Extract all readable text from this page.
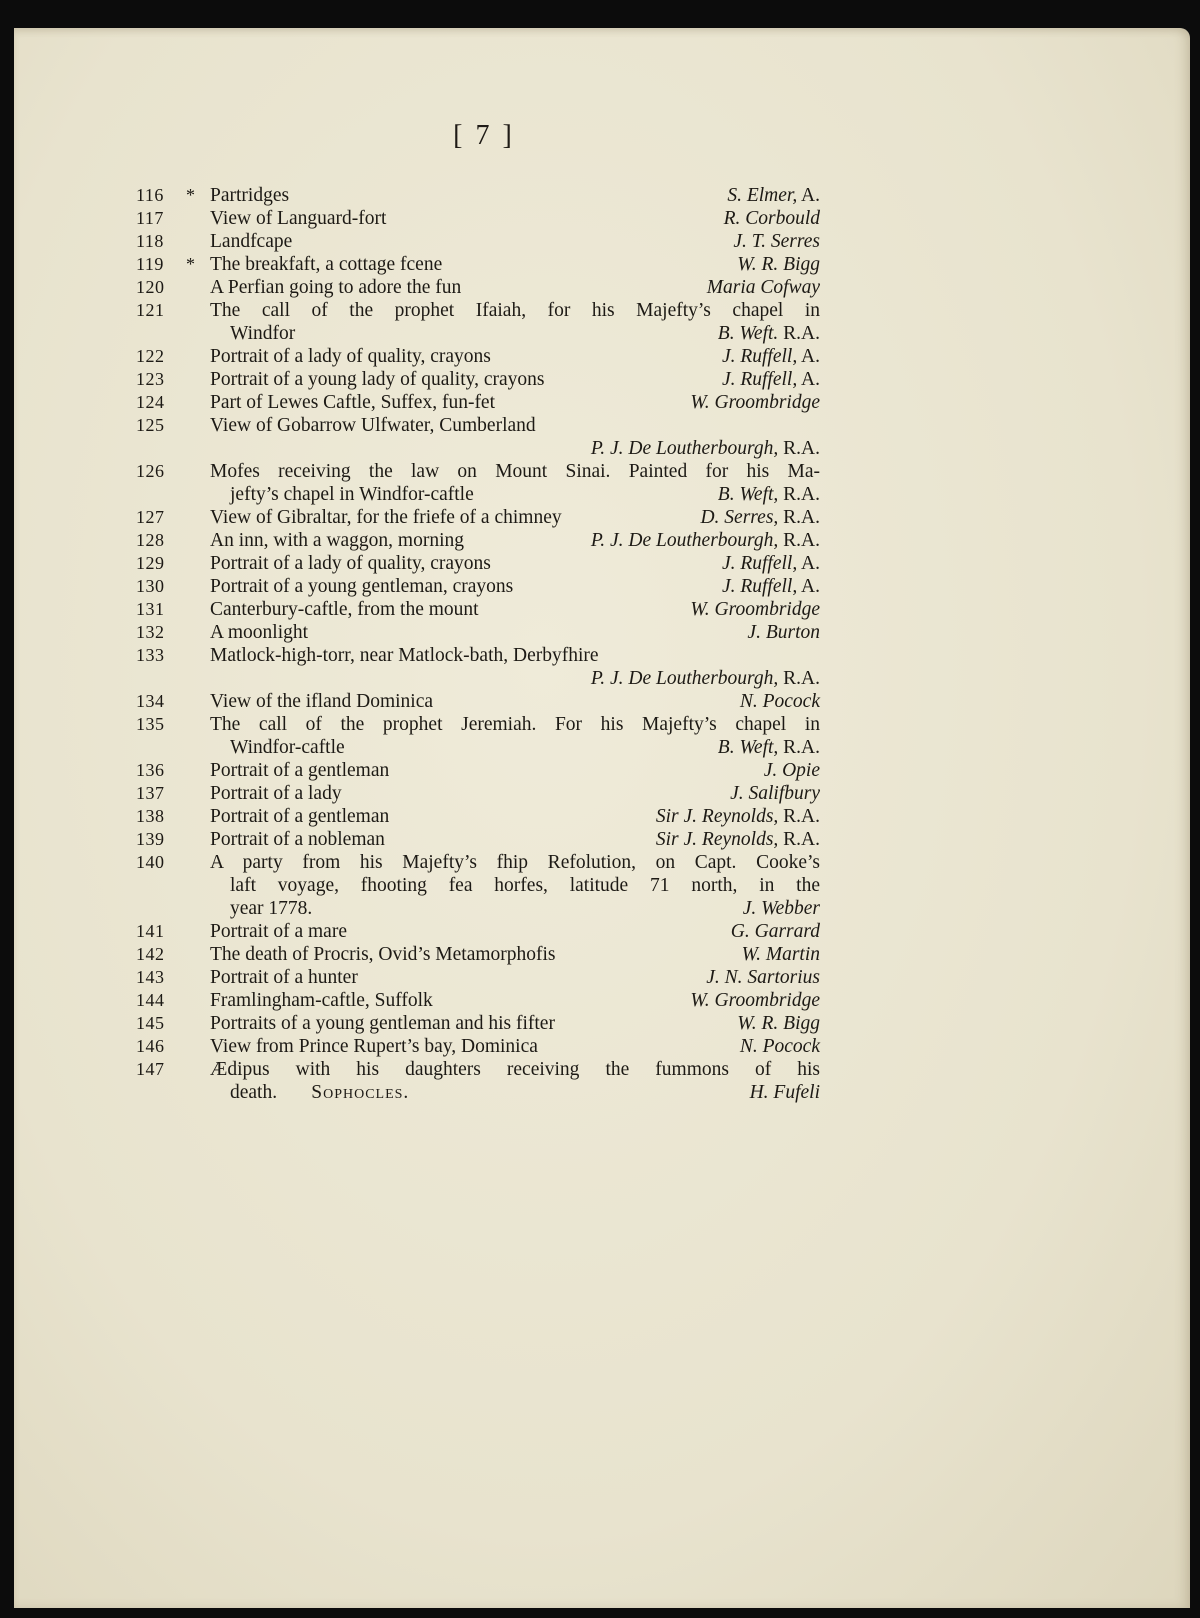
[ 7 ]
116	* Partridges	S. Elmer, A.
117	View of Languard-fort	R. Corbould
118	Landfcape	J. T. Serres
119	* The breakfaft, a cottage fcene	W. R. Bigg
120	A Perfian going to adore the fun	Maria Cofway
121	The call of the prophet Ifaiah, for his Majefty’s chapel in
Windfor	B. Weft. R.A.
122	Portrait of a lady of quality, crayons	J. Ruffell, A.
123	Portrait of a young lady of quality, crayons	J. Ruffell, A.
124	Part of Lewes Caftle, Suffex, fun-fet	W. Groombridge
125	View of Gobarrow Ulfwater, Cumberland
P. J. De Loutherbourgh, R.A.
126	Mofes receiving the law on Mount Sinai. Painted for his Ma-
jefty’s chapel in Windfor-caftle	B. Weft, R.A.
127	View of Gibraltar, for the friefe of a chimney	D. Serres, R.A.
128	An inn, with a waggon, morning	P. J. De Loutherbourgh, R.A.
129	Portrait of a lady of quality, crayons	J. Ruffell, A.
130	Portrait of a young gentleman, crayons	J. Ruffell, A.
131	Canterbury-caftle, from the mount	W. Groombridge
132	A moonlight	J. Burton
133	Matlock-high-torr, near Matlock-bath, Derbyfhire
P. J. De Loutherbourgh, R.A.
134	View of the ifland Dominica	N. Pocock
135	The call of the prophet Jeremiah. For his Majefty’s chapel in
Windfor-caftle	B. Weft, R.A.
136	Portrait of a gentleman	J. Opie
137	Portrait of a lady	J. Salifbury
138	Portrait of a gentleman	Sir J. Reynolds, R.A.
139	Portrait of a nobleman	Sir J. Reynolds, R.A.
140	A party from his Majefty’s fhip Refolution, on Capt. Cooke’s
laft voyage, fhooting fea horfes, latitude 71 north, in the
year 1778.	J. Webber
141	Portrait of a mare	G. Garrard
142	The death of Procris, Ovid’s Metamorphofis	W. Martin
143	Portrait of a hunter	J. N. Sartorius
144	Framlingham-caftle, Suffolk	W. Groombridge
145	Portraits of a young gentleman and his fifter	W. R. Bigg
146	View from Prince Rupert’s bay, Dominica	N. Pocock
147	Ædipus with his daughters receiving the fummons of his
death. Sophocles.	H. Fufeli
